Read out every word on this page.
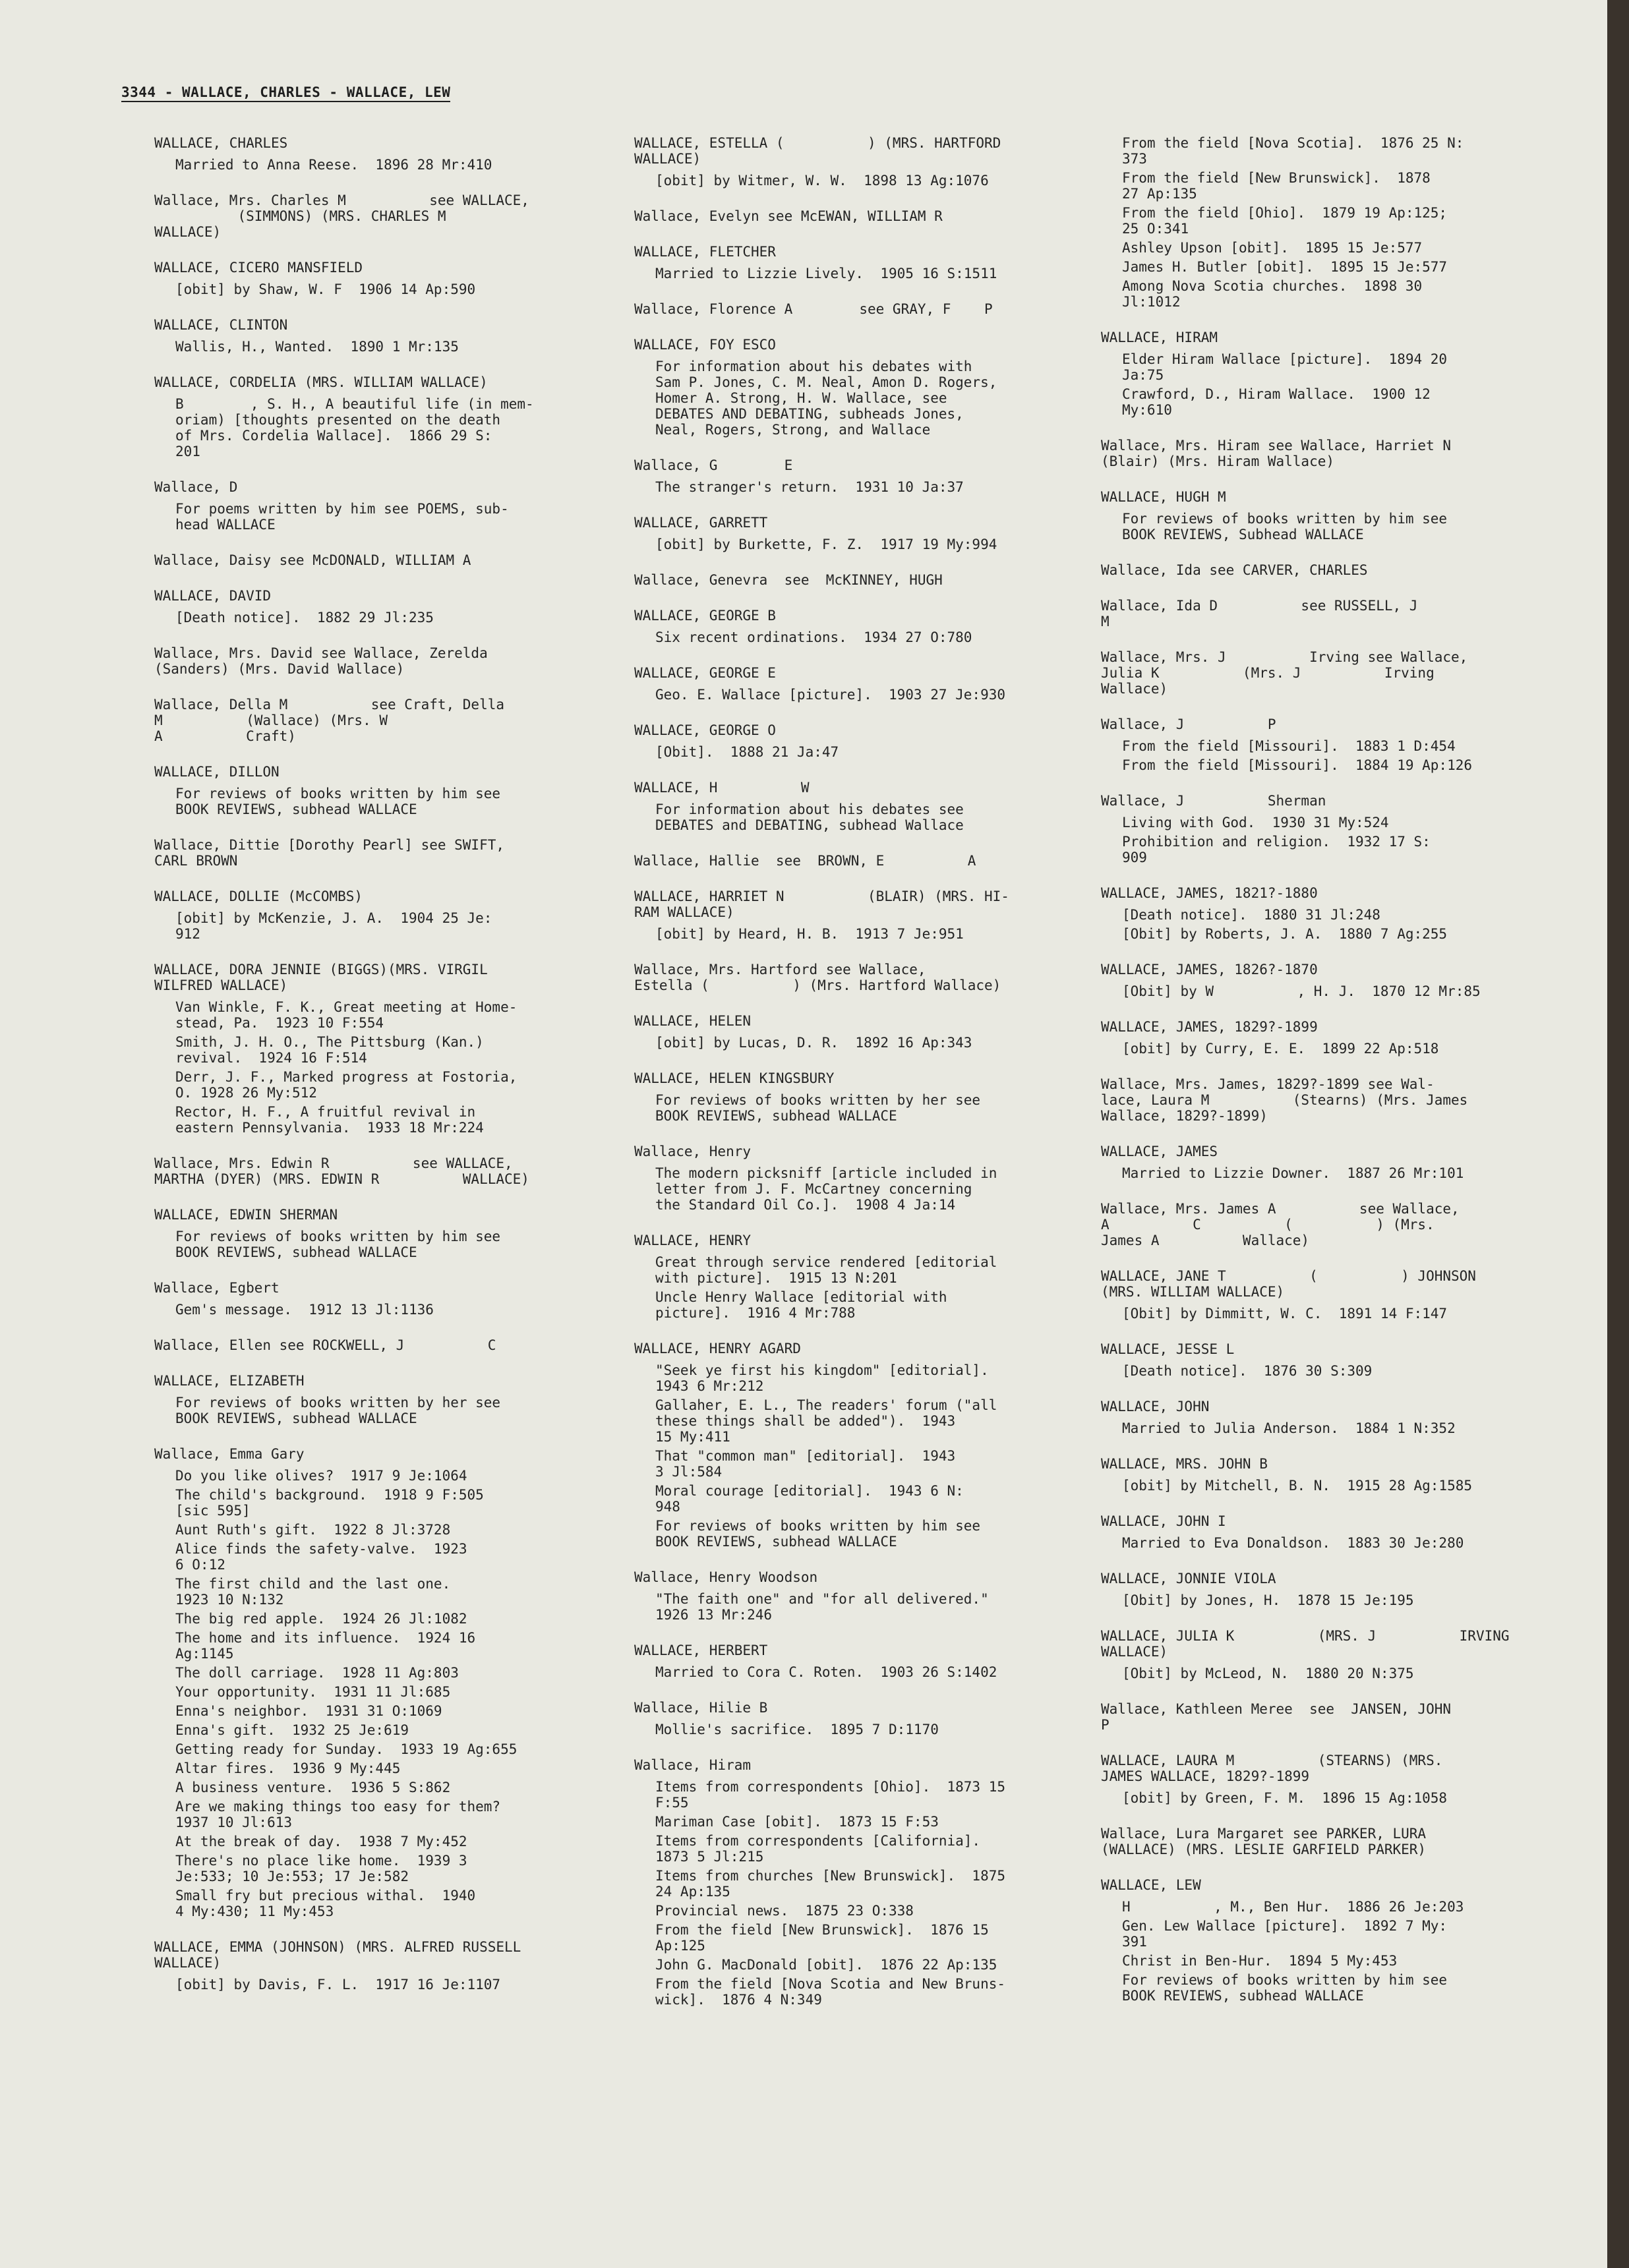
3344 - WALLACE, CHARLES - WALLACE, LEW
WALLACE, CHARLES
Married to Anna Reese.  1896 28 Mr:410
Wallace, Mrs. Charles M          see WALLACE,
(SIMMONS) (MRS. CHARLES M
WALLACE)
WALLACE, CICERO MANSFIELD
[obit] by Shaw, W. F  1906 14 Ap:590
WALLACE, CLINTON
Wallis, H., Wanted.  1890 1 Mr:135
WALLACE, CORDELIA (MRS. WILLIAM WALLACE)
B        , S. H., A beautiful life (in mem-
oriam) [thoughts presented on the death
of Mrs. Cordelia Wallace].  1866 29 S:
201
Wallace, D
For poems written by him see POEMS, sub-
head WALLACE
Wallace, Daisy see McDONALD, WILLIAM A
WALLACE, DAVID
[Death notice].  1882 29 Jl:235
Wallace, Mrs. David see Wallace, Zerelda
(Sanders) (Mrs. David Wallace)
Wallace, Della M          see Craft, Della
M          (Wallace) (Mrs. W
A          Craft)
WALLACE, DILLON
For reviews of books written by him see
BOOK REVIEWS, subhead WALLACE
Wallace, Dittie [Dorothy Pearl] see SWIFT,
CARL BROWN
WALLACE, DOLLIE (McCOMBS)
[obit] by McKenzie, J. A.  1904 25 Je:
912
WALLACE, DORA JENNIE (BIGGS)(MRS. VIRGIL
WILFRED WALLACE)
Van Winkle, F. K., Great meeting at Home-
stead, Pa.  1923 10 F:554
Smith, J. H. O., The Pittsburg (Kan.)
revival.  1924 16 F:514
Derr, J. F., Marked progress at Fostoria,
O. 1928 26 My:512
Rector, H. F., A fruitful revival in
eastern Pennsylvania.  1933 18 Mr:224
Wallace, Mrs. Edwin R          see WALLACE,
MARTHA (DYER) (MRS. EDWIN R          WALLACE)
WALLACE, EDWIN SHERMAN
For reviews of books written by him see
BOOK REVIEWS, subhead WALLACE
Wallace, Egbert
Gem's message.  1912 13 Jl:1136
Wallace, Ellen see ROCKWELL, J          C
WALLACE, ELIZABETH
For reviews of books written by her see
BOOK REVIEWS, subhead WALLACE
Wallace, Emma Gary
Do you like olives?  1917 9 Je:1064
The child's background.  1918 9 F:505
[sic 595]
Aunt Ruth's gift.  1922 8 Jl:3728
Alice finds the safety-valve.  1923
6 O:12
The first child and the last one.
1923 10 N:132
The big red apple.  1924 26 Jl:1082
The home and its influence.  1924 16
Ag:1145
The doll carriage.  1928 11 Ag:803
Your opportunity.  1931 11 Jl:685
Enna's neighbor.  1931 31 O:1069
Enna's gift.  1932 25 Je:619
Getting ready for Sunday.  1933 19 Ag:655
Altar fires.  1936 9 My:445
A business venture.  1936 5 S:862
Are we making things too easy for them?
1937 10 Jl:613
At the break of day.  1938 7 My:452
There's no place like home.  1939 3
Je:533; 10 Je:553; 17 Je:582
Small fry but precious withal.  1940
4 My:430; 11 My:453
WALLACE, EMMA (JOHNSON) (MRS. ALFRED RUSSELL
WALLACE)
[obit] by Davis, F. L.  1917 16 Je:1107
WALLACE, ESTELLA (          ) (MRS. HARTFORD
WALLACE)
[obit] by Witmer, W. W.  1898 13 Ag:1076
Wallace, Evelyn see McEWAN, WILLIAM R
WALLACE, FLETCHER
Married to Lizzie Lively.  1905 16 S:1511
Wallace, Florence A        see GRAY, F    P
WALLACE, FOY ESCO
For information about his debates with
Sam P. Jones, C. M. Neal, Amon D. Rogers,
Homer A. Strong, H. W. Wallace, see
DEBATES AND DEBATING, subheads Jones,
Neal, Rogers, Strong, and Wallace
Wallace, G        E
The stranger's return.  1931 10 Ja:37
WALLACE, GARRETT
[obit] by Burkette, F. Z.  1917 19 My:994
Wallace, Genevra  see  McKINNEY, HUGH
WALLACE, GEORGE B
Six recent ordinations.  1934 27 O:780
WALLACE, GEORGE E
Geo. E. Wallace [picture].  1903 27 Je:930
WALLACE, GEORGE O
[Obit].  1888 21 Ja:47
WALLACE, H          W
For information about his debates see
DEBATES and DEBATING, subhead Wallace
Wallace, Hallie  see  BROWN, E          A
WALLACE, HARRIET N          (BLAIR) (MRS. HI-
RAM WALLACE)
[obit] by Heard, H. B.  1913 7 Je:951
Wallace, Mrs. Hartford see Wallace,
Estella (          ) (Mrs. Hartford Wallace)
WALLACE, HELEN
[obit] by Lucas, D. R.  1892 16 Ap:343
WALLACE, HELEN KINGSBURY
For reviews of books written by her see
BOOK REVIEWS, subhead WALLACE
Wallace, Henry
The modern picksniff [article included in
letter from J. F. McCartney concerning
the Standard Oil Co.].  1908 4 Ja:14
WALLACE, HENRY
Great through service rendered [editorial
with picture].  1915 13 N:201
Uncle Henry Wallace [editorial with
picture].  1916 4 Mr:788
WALLACE, HENRY AGARD
"Seek ye first his kingdom" [editorial].
1943 6 Mr:212
Gallaher, E. L., The readers' forum ("all
these things shall be added").  1943
15 My:411
That "common man" [editorial].  1943
3 Jl:584
Moral courage [editorial].  1943 6 N:
948
For reviews of books written by him see
BOOK REVIEWS, subhead WALLACE
Wallace, Henry Woodson
"The faith one" and "for all delivered."
1926 13 Mr:246
WALLACE, HERBERT
Married to Cora C. Roten.  1903 26 S:1402
Wallace, Hilie B
Mollie's sacrifice.  1895 7 D:1170
Wallace, Hiram
Items from correspondents [Ohio].  1873 15
F:55
Mariman Case [obit].  1873 15 F:53
Items from correspondents [California].
1873 5 Jl:215
Items from churches [New Brunswick].  1875
24 Ap:135
Provincial news.  1875 23 O:338
From the field [New Brunswick].  1876 15
Ap:125
John G. MacDonald [obit].  1876 22 Ap:135
From the field [Nova Scotia and New Bruns-
wick].  1876 4 N:349
From the field [Nova Scotia].  1876 25 N:
373
From the field [New Brunswick].  1878
27 Ap:135
From the field [Ohio].  1879 19 Ap:125;
25 O:341
Ashley Upson [obit].  1895 15 Je:577
James H. Butler [obit].  1895 15 Je:577
Among Nova Scotia churches.  1898 30
Jl:1012
WALLACE, HIRAM
Elder Hiram Wallace [picture].  1894 20
Ja:75
Crawford, D., Hiram Wallace.  1900 12
My:610
Wallace, Mrs. Hiram see Wallace, Harriet N
(Blair) (Mrs. Hiram Wallace)
WALLACE, HUGH M
For reviews of books written by him see
BOOK REVIEWS, Subhead WALLACE
Wallace, Ida see CARVER, CHARLES
Wallace, Ida D          see RUSSELL, J
M
Wallace, Mrs. J          Irving see Wallace,
Julia K          (Mrs. J          Irving
Wallace)
Wallace, J          P
From the field [Missouri].  1883 1 D:454
From the field [Missouri].  1884 19 Ap:126
Wallace, J          Sherman
Living with God.  1930 31 My:524
Prohibition and religion.  1932 17 S:
909
WALLACE, JAMES, 1821?-1880
[Death notice].  1880 31 Jl:248
[Obit] by Roberts, J. A.  1880 7 Ag:255
WALLACE, JAMES, 1826?-1870
[Obit] by W          , H. J.  1870 12 Mr:85
WALLACE, JAMES, 1829?-1899
[obit] by Curry, E. E.  1899 22 Ap:518
Wallace, Mrs. James, 1829?-1899 see Wal-
lace, Laura M          (Stearns) (Mrs. James
Wallace, 1829?-1899)
WALLACE, JAMES
Married to Lizzie Downer.  1887 26 Mr:101
Wallace, Mrs. James A          see Wallace,
A          C          (          ) (Mrs.
James A          Wallace)
WALLACE, JANE T          (          ) JOHNSON
(MRS. WILLIAM WALLACE)
[Obit] by Dimmitt, W. C.  1891 14 F:147
WALLACE, JESSE L
[Death notice].  1876 30 S:309
WALLACE, JOHN
Married to Julia Anderson.  1884 1 N:352
WALLACE, MRS. JOHN B
[obit] by Mitchell, B. N.  1915 28 Ag:1585
WALLACE, JOHN I
Married to Eva Donaldson.  1883 30 Je:280
WALLACE, JONNIE VIOLA
[Obit] by Jones, H.  1878 15 Je:195
WALLACE, JULIA K          (MRS. J          IRVING
WALLACE)
[Obit] by McLeod, N.  1880 20 N:375
Wallace, Kathleen Meree  see  JANSEN, JOHN
P
WALLACE, LAURA M          (STEARNS) (MRS.
JAMES WALLACE, 1829?-1899
[obit] by Green, F. M.  1896 15 Ag:1058
Wallace, Lura Margaret see PARKER, LURA
(WALLACE) (MRS. LESLIE GARFIELD PARKER)
WALLACE, LEW
H          , M., Ben Hur.  1886 26 Je:203
Gen. Lew Wallace [picture].  1892 7 My:
391
Christ in Ben-Hur.  1894 5 My:453
For reviews of books written by him see
BOOK REVIEWS, subhead WALLACE
